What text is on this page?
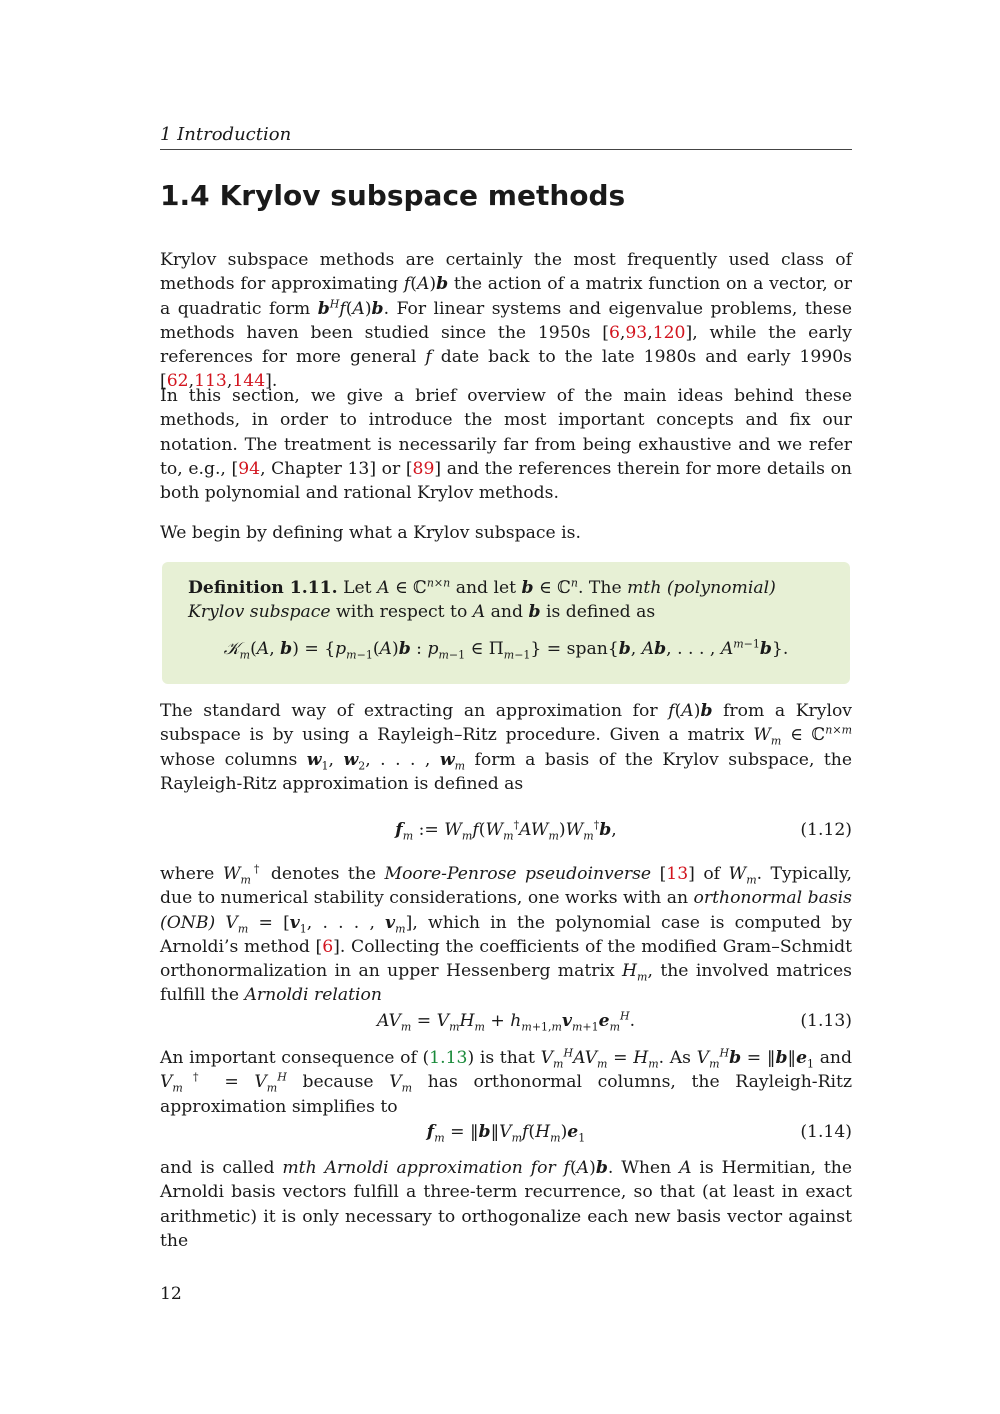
1 Introduction
1.4 Krylov subspace methods

Krylov subspace methods are certainly the most frequently used class of methods for approximating f(A)b the action of a matrix function on a vector, or a quadratic form $b^Hf(A)b$. For linear systems and eigenvalue problems, these methods haven been studied since the 1950s [6,93,120], while the early references for more general f date back to the late 1980s and early 1990s [62,113,144].

In this section, we give a brief overview of the main ideas behind these methods, in order to introduce the most important concepts and fix our notation. The treatment is necessarily far from being exhaustive and we refer to, e.g., [94, Chapter 13] or [89] and the references therein for more details on both polynomial and rational Krylov methods.

We begin by defining what a Krylov subspace is.

Definition 1.11. Let A ∈ ℂ$^{n\times n}$ and let b ∈ ℂ$^n$. The mth (polynomial) Krylov subspace with respect to A and b is defined as

𝒦$_m$(A, $b) = \{p_{m-1}(A)b$ : $p_{m-1}$ ∈ $\Pi_{m-1}$} = span{b, Ab, . . . , $A^{m-1}b$}.

The standard way of extracting an approximation for f(A)b from a Krylov subspace is by using a Rayleigh–Ritz procedure. Given a matrix $W_m$ ∈ ℂ$^{n\times m}$ whose columns $w_1$, $w_2$, . . . , $w_m$ form a basis of the Krylov subspace, the Rayleigh-Ritz approximation is defined as

$f_m$ := $W_mf(W_m^\dagger AW_m)W_m^\dagger b$,	(1.12)

where $W_m^\dagger$ denotes the Moore-Penrose pseudoinverse [13] of $W_m$. Typically, due to numerical stability considerations, one works with an orthonormal basis (ONB) $V_m = [v_1$, . . . , $v_m$], which in the polynomial case is computed by Arnoldi’s method [6]. Collecting the coefficients of the modified Gram–Schmidt orthonormalization in an upper Hessenberg matrix $H_m$, the involved matrices fulfill the Arnoldi relation

$AV_m = V_mH_m + h_{m+1,m}v_{m+1}e_m^H$.	(1.13)

An important consequence of (1.13) is that $V_m^HAV_m = H_m$. As $V_m^Hb$ = $‖b‖e_1$ and $V_m^\dagger = V_m^H$ because $V_m$ has orthonormal columns, the Rayleigh-Ritz approximation simplifies to

$f_m$ = $‖b‖V_mf(H_m)e_1$	(1.14)

and is called mth Arnoldi approximation for f(A)b. When A is Hermitian, the Arnoldi basis vectors fulfill a three-term recurrence, so that (at least in exact arithmetic) it is only necessary to orthogonalize each new basis vector against the

12
